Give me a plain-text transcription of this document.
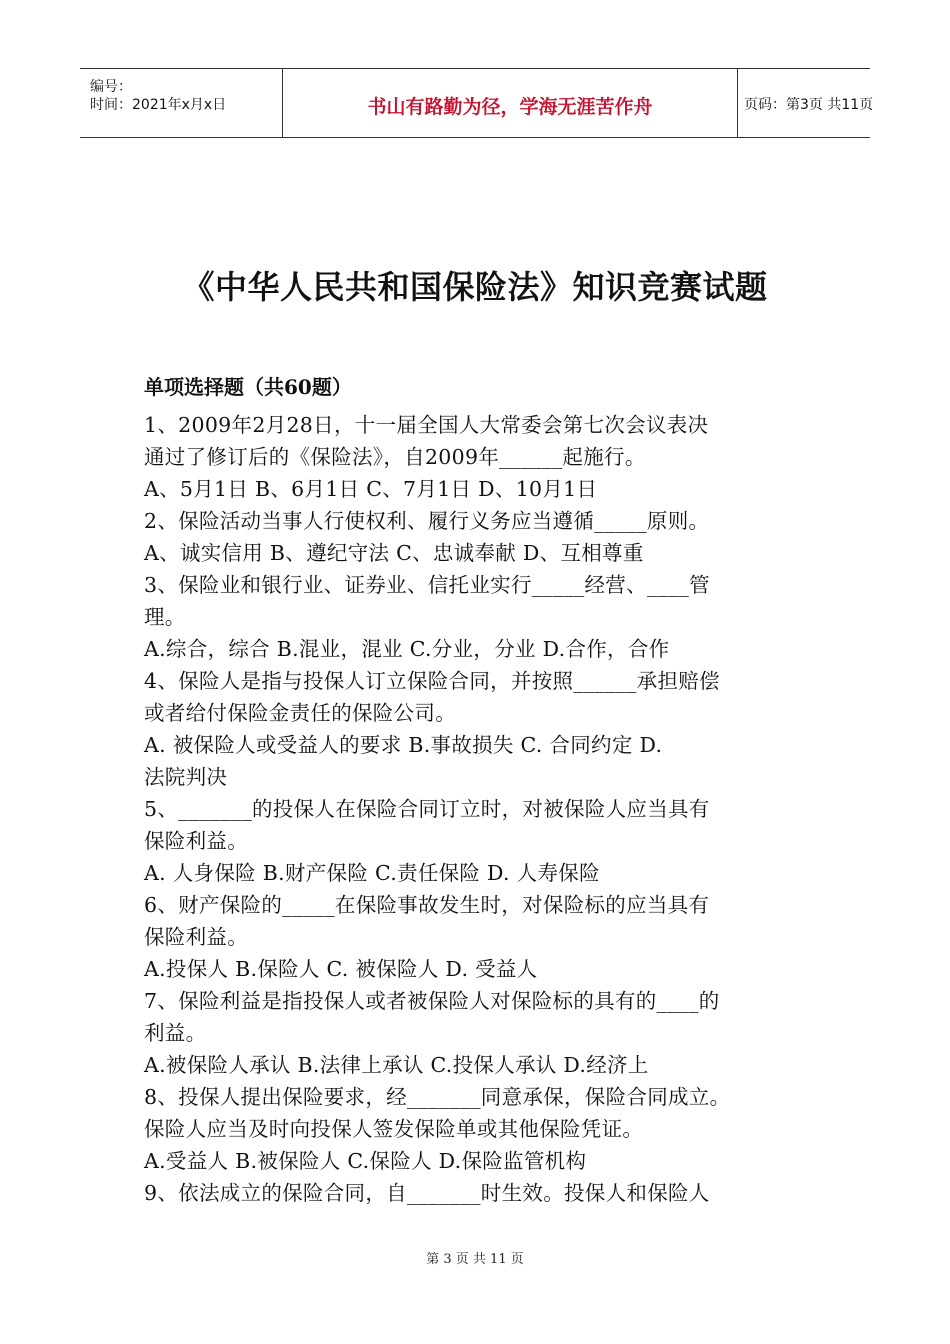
编号：
时间：2021年x月x日	书山有路勤为径，学海无涯苦作舟	页码：第3页 共11页
《中华人民共和国保险法》知识竞赛试题
单项选择题（共60题）
1、2009年2月28日，十一届全国人大常委会第七次会议表决
通过了修订后的《保险法》，自2009年______起施行。
A、5月1日 B、6月1日 C、7月1日 D、10月1日
2、保险活动当事人行使权利、履行义务应当遵循_____原则。
A、诚实信用 B、遵纪守法 C、忠诚奉献 D、互相尊重
3、保险业和银行业、证券业、信托业实行_____经营、____管
理。
A.综合，综合 B.混业，混业 C.分业，分业 D.合作，合作
4、保险人是指与投保人订立保险合同，并按照______承担赔偿
或者给付保险金责任的保险公司。
A. 被保险人或受益人的要求 B.事故损失 C. 合同约定 D.
法院判决
5、_______的投保人在保险合同订立时，对被保险人应当具有
保险利益。
A. 人身保险 B.财产保险 C.责任保险 D. 人寿保险
6、财产保险的_____在保险事故发生时，对保险标的应当具有
保险利益。
A.投保人 B.保险人 C. 被保险人 D. 受益人
7、保险利益是指投保人或者被保险人对保险标的具有的____的
利益。
A.被保险人承认 B.法律上承认 C.投保人承认 D.经济上
8、投保人提出保险要求，经_______同意承保，保险合同成立。
保险人应当及时向投保人签发保险单或其他保险凭证。
A.受益人 B.被保险人 C.保险人 D.保险监管机构
9、依法成立的保险合同，自_______时生效。投保人和保险人
第 3 页 共 11 页
